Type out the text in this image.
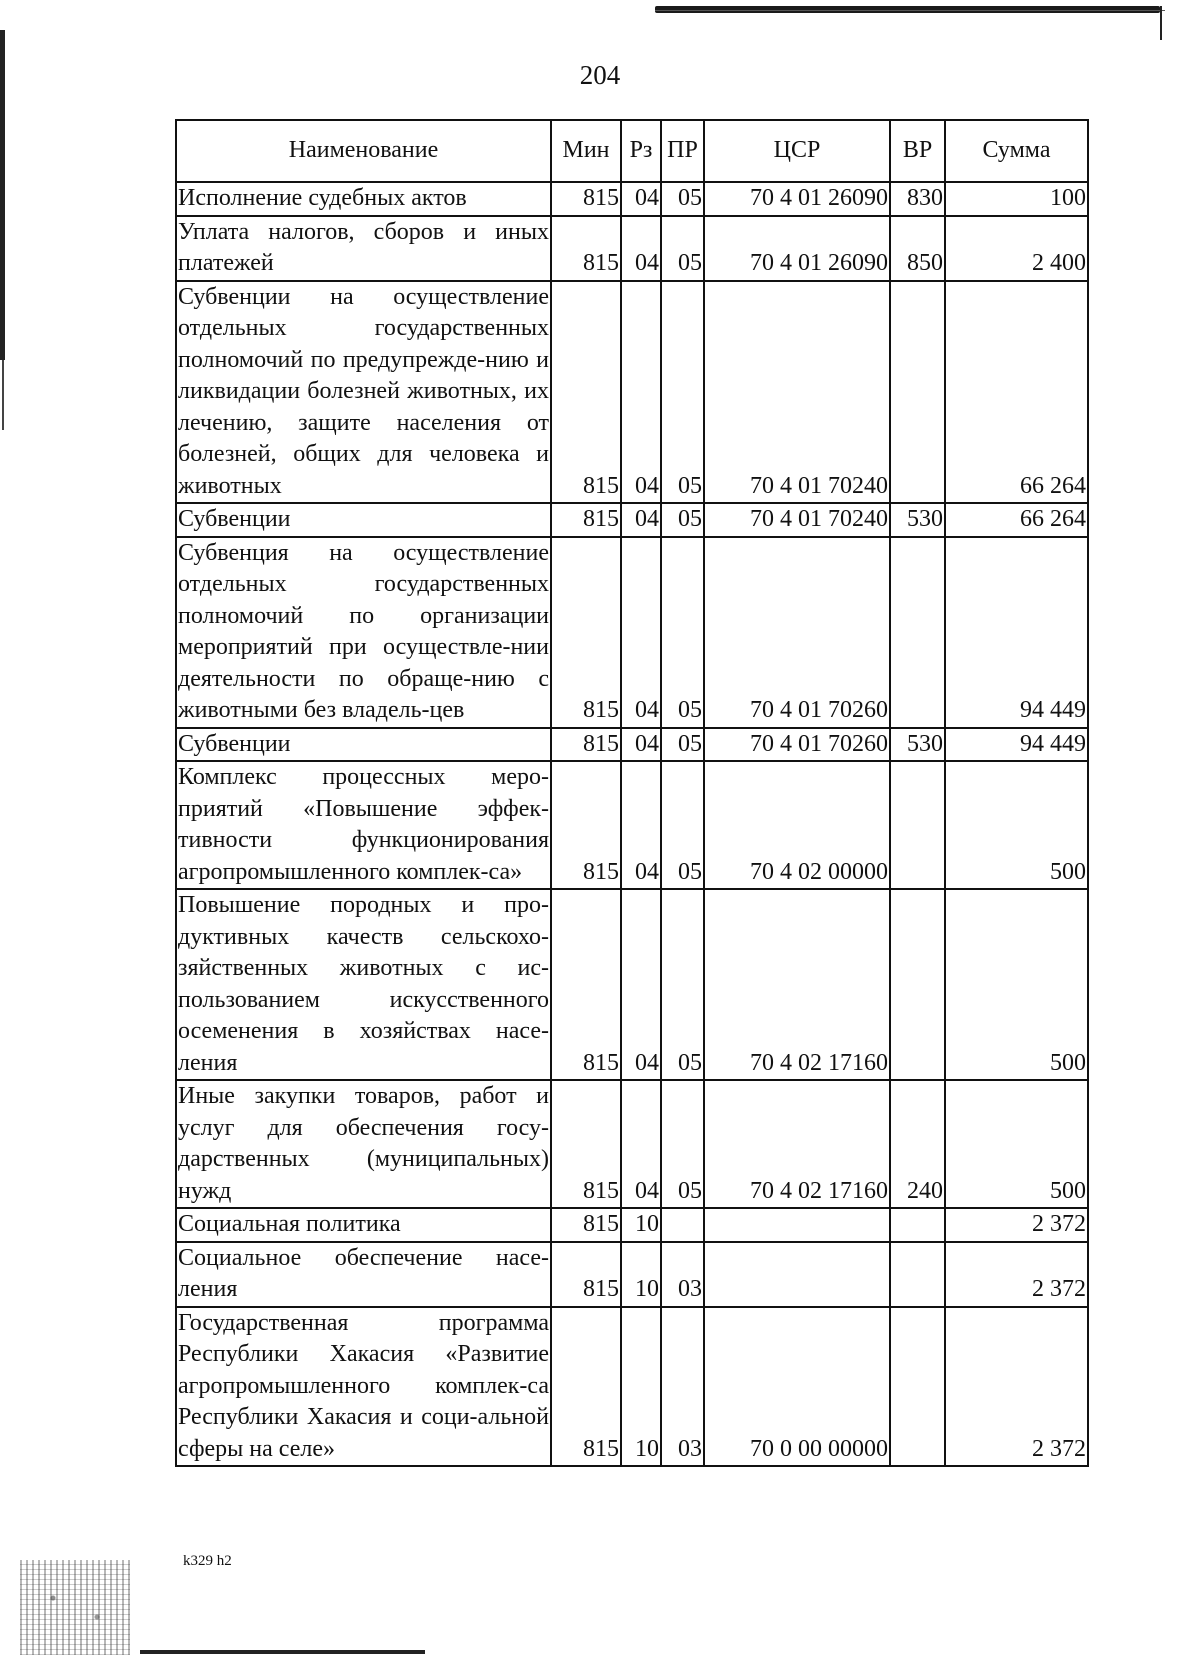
204
Наименование	Мин	Рз	ПР	ЦСР	ВР	Сумма
Исполнение судебных актов	815	04	05	70 4 01 26090	830	100
Уплата налогов, сборов и иных платежей	815	04	05	70 4 01 26090	850	2 400
Субвенции на осуществление отдельных государственных полномочий по предупрежде-нию и ликвидации болезней животных, их лечению, защите населения от болезней, общих для человека и животных	815	04	05	70 4 01 70240		66 264
Субвенции	815	04	05	70 4 01 70240	530	66 264
Субвенция на осуществление отдельных государственных полномочий по организации мероприятий при осуществле-нии деятельности по обраще-нию с животными без владель-цев	815	04	05	70 4 01 70260		94 449
Субвенции	815	04	05	70 4 01 70260	530	94 449
Комплекс процессных меро-приятий «Повышение эффек-тивности функционирования агропромышленного комплек-са»	815	04	05	70 4 02 00000		500
Повышение породных и про-дуктивных качеств сельскохо-зяйственных животных с ис-пользованием искусственного осеменения в хозяйствах насе-ления	815	04	05	70 4 02 17160		500
Иные закупки товаров, работ и услуг для обеспечения госу-дарственных (муниципальных) нужд	815	04	05	70 4 02 17160	240	500
Социальная политика	815	10				2 372
Социальное обеспечение насе-ления	815	10	03			2 372
Государственная программа Республики Хакасия «Развитие агропромышленного комплек-са Республики Хакасия и соци-альной сферы на селе»	815	10	03	70 0 00 00000		2 372
k329 h2
